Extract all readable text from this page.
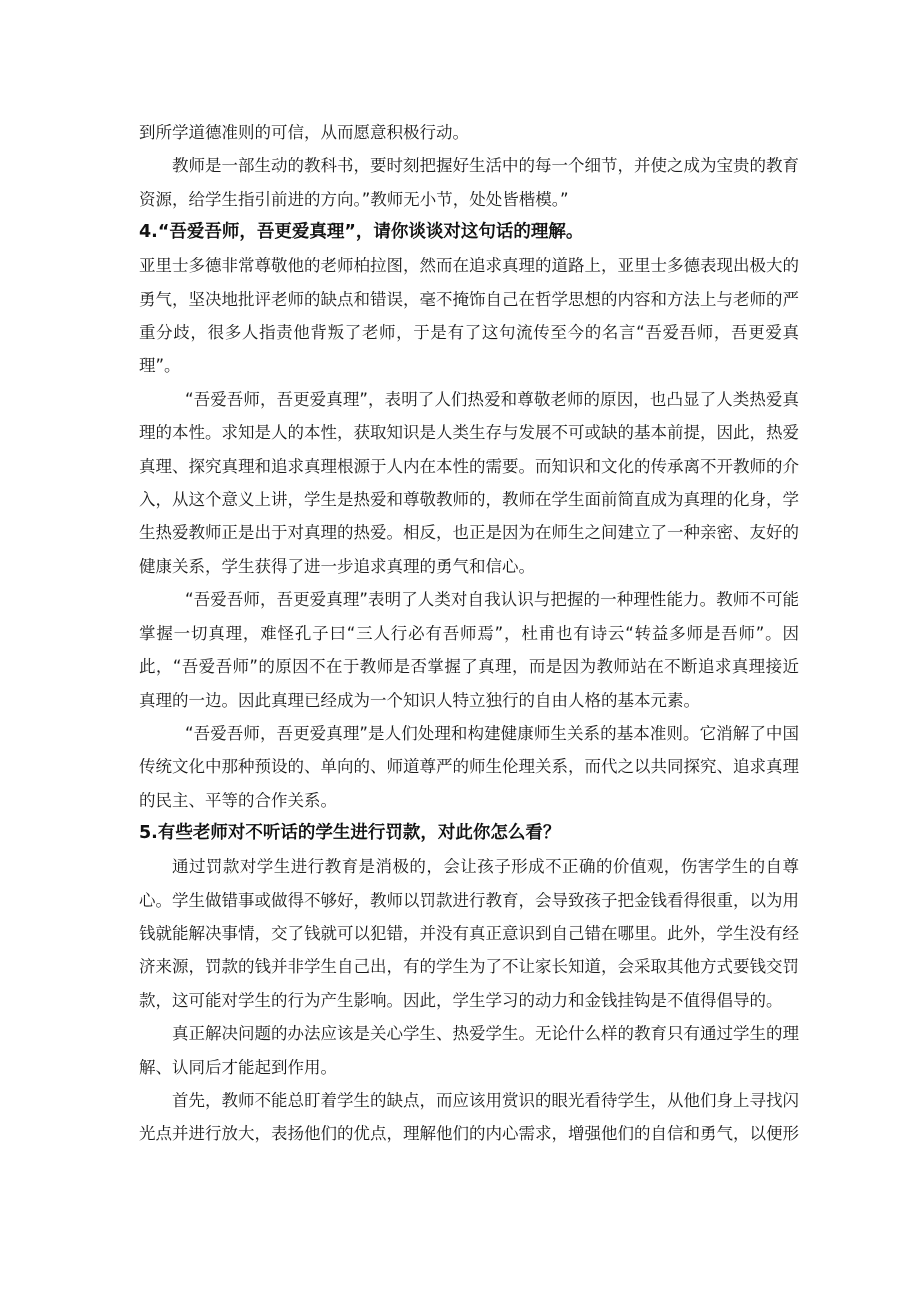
到所学道德准则的可信，从而愿意积极行动。

教师是一部生动的教科书，要时刻把握好生活中的每一个细节，并使之成为宝贵的教育资源，给学生指引前进的方向。”教师无小节，处处皆楷模。”

4.“吾爱吾师，吾更爱真理”，请你谈谈对这句话的理解。

亚里士多德非常尊敬他的老师柏拉图，然而在追求真理的道路上，亚里士多德表现出极大的勇气，坚决地批评老师的缺点和错误，毫不掩饰自己在哲学思想的内容和方法上与老师的严重分歧，很多人指责他背叛了老师，于是有了这句流传至今的名言“吾爱吾师，吾更爱真理”。

“吾爱吾师，吾更爱真理”，表明了人们热爱和尊敬老师的原因，也凸显了人类热爱真理的本性。求知是人的本性，获取知识是人类生存与发展不可或缺的基本前提，因此，热爱真理、探究真理和追求真理根源于人内在本性的需要。而知识和文化的传承离不开教师的介入，从这个意义上讲，学生是热爱和尊敬教师的，教师在学生面前简直成为真理的化身，学生热爱教师正是出于对真理的热爱。相反，也正是因为在师生之间建立了一种亲密、友好的健康关系，学生获得了进一步追求真理的勇气和信心。

“吾爱吾师，吾更爱真理”表明了人类对自我认识与把握的一种理性能力。教师不可能掌握一切真理，难怪孔子曰“三人行必有吾师焉”，杜甫也有诗云“转益多师是吾师”。因此，“吾爱吾师”的原因不在于教师是否掌握了真理，而是因为教师站在不断追求真理接近真理的一边。因此真理已经成为一个知识人特立独行的自由人格的基本元素。

“吾爱吾师，吾更爱真理”是人们处理和构建健康师生关系的基本准则。它消解了中国传统文化中那种预设的、单向的、师道尊严的师生伦理关系，而代之以共同探究、追求真理的民主、平等的合作关系。

5.有些老师对不听话的学生进行罚款，对此你怎么看？

通过罚款对学生进行教育是消极的，会让孩子形成不正确的价值观，伤害学生的自尊心。学生做错事或做得不够好，教师以罚款进行教育，会导致孩子把金钱看得很重，以为用钱就能解决事情，交了钱就可以犯错，并没有真正意识到自己错在哪里。此外，学生没有经济来源，罚款的钱并非学生自己出，有的学生为了不让家长知道，会采取其他方式要钱交罚款，这可能对学生的行为产生影响。因此，学生学习的动力和金钱挂钩是不值得倡导的。

真正解决问题的办法应该是关心学生、热爱学生。无论什么样的教育只有通过学生的理解、认同后才能起到作用。

首先，教师不能总盯着学生的缺点，而应该用赏识的眼光看待学生，从他们身上寻找闪光点并进行放大，表扬他们的优点，理解他们的内心需求，增强他们的自信和勇气，以便形
